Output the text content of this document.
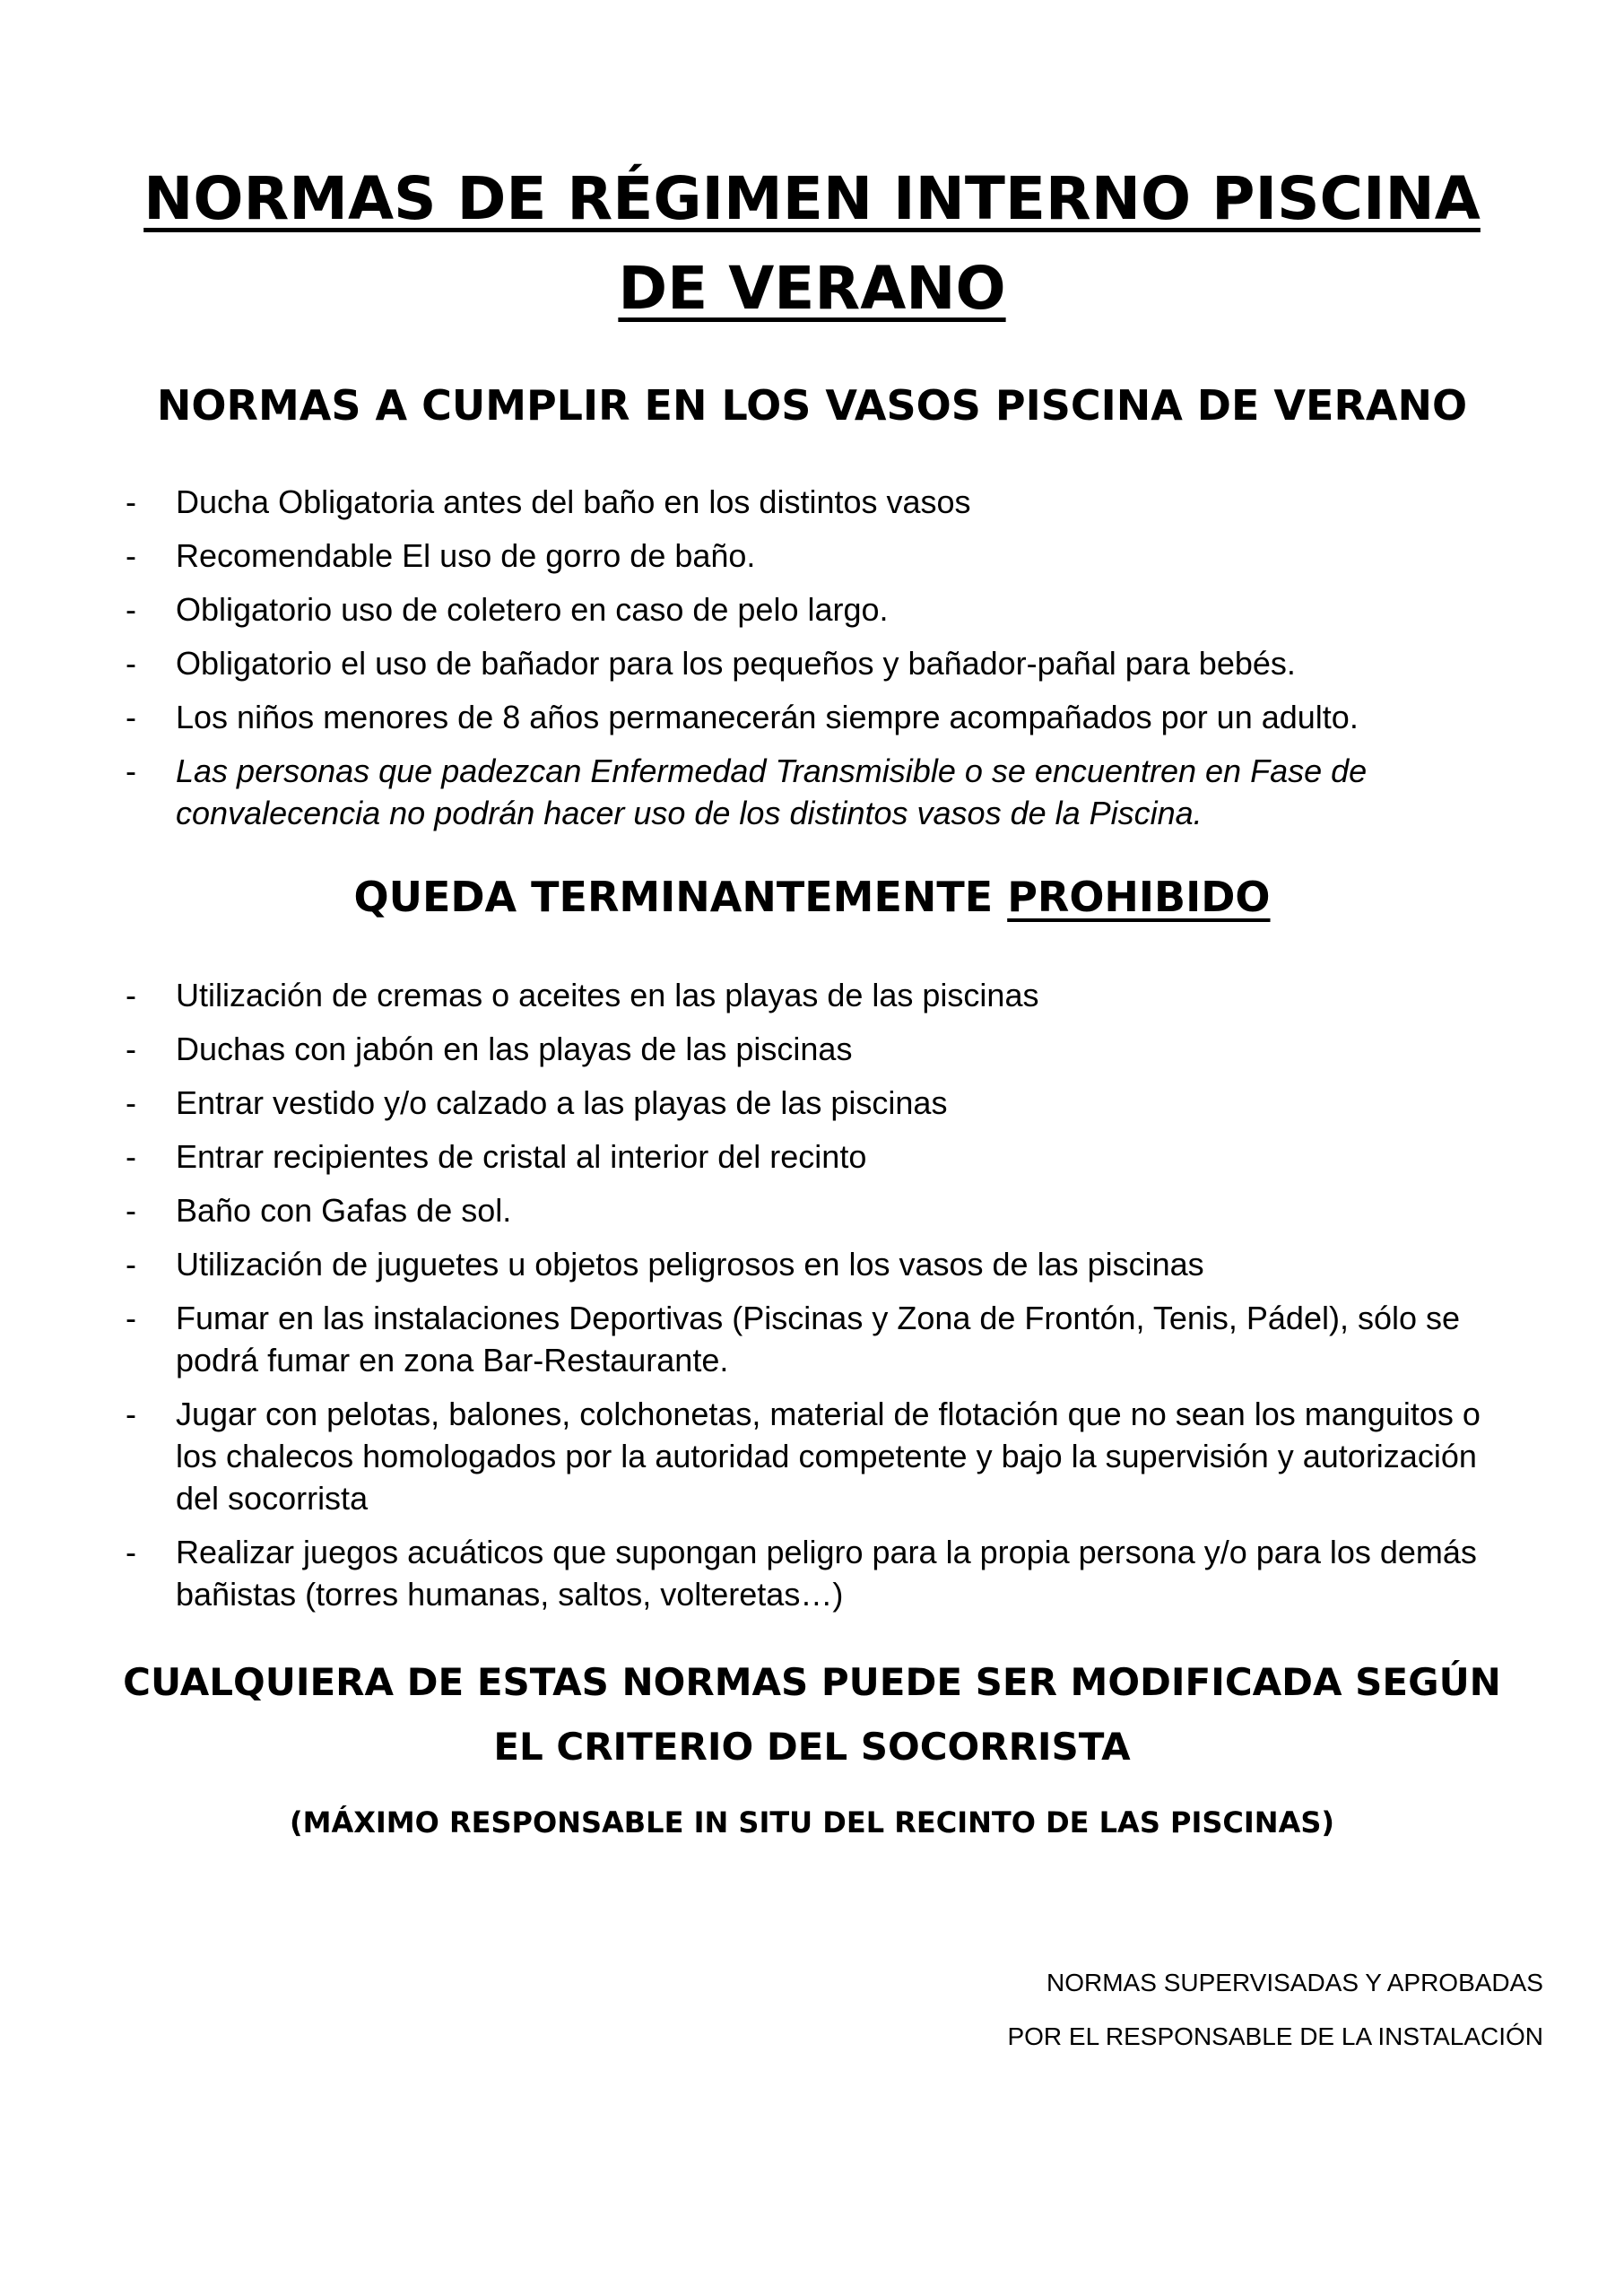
NORMAS DE RÉGIMEN INTERNO PISCINA
DE VERANO
NORMAS A CUMPLIR EN LOS VASOS PISCINA DE VERANO
- Ducha Obligatoria antes del baño en los distintos vasos
- Recomendable El uso de gorro de baño.
- Obligatorio uso de coletero en caso de pelo largo.
- Obligatorio el uso de bañador para los pequeños y bañador-pañal para bebés.
- Los niños menores de 8 años permanecerán siempre acompañados por un adulto.
- Las personas que padezcan Enfermedad Transmisible o se encuentren en Fase de convalecencia no podrán hacer uso de los distintos vasos de la Piscina.
QUEDA TERMINANTEMENTE PROHIBIDO
- Utilización de cremas o aceites en las playas de las piscinas
- Duchas con jabón en las playas de las piscinas
- Entrar vestido y/o calzado a las playas de las piscinas
- Entrar recipientes de cristal al interior del recinto
- Baño con Gafas de sol.
- Utilización de juguetes u objetos peligrosos en los vasos de las piscinas
- Fumar en las instalaciones Deportivas (Piscinas y Zona de Frontón, Tenis, Pádel), sólo se podrá fumar en zona Bar-Restaurante.
- Jugar con pelotas, balones, colchonetas, material de flotación que no sean los manguitos o los chalecos homologados por la autoridad competente y bajo la supervisión y autorización del socorrista
- Realizar juegos acuáticos que supongan peligro para la propia persona y/o para los demás bañistas (torres humanas, saltos, volteretas…)
CUALQUIERA DE ESTAS NORMAS PUEDE SER MODIFICADA SEGÚN
EL CRITERIO DEL SOCORRISTA

(MÁXIMO RESPONSABLE IN SITU DEL RECINTO DE LAS PISCINAS)

NORMAS SUPERVISADAS Y APROBADAS

POR EL RESPONSABLE DE LA INSTALACIÓN
